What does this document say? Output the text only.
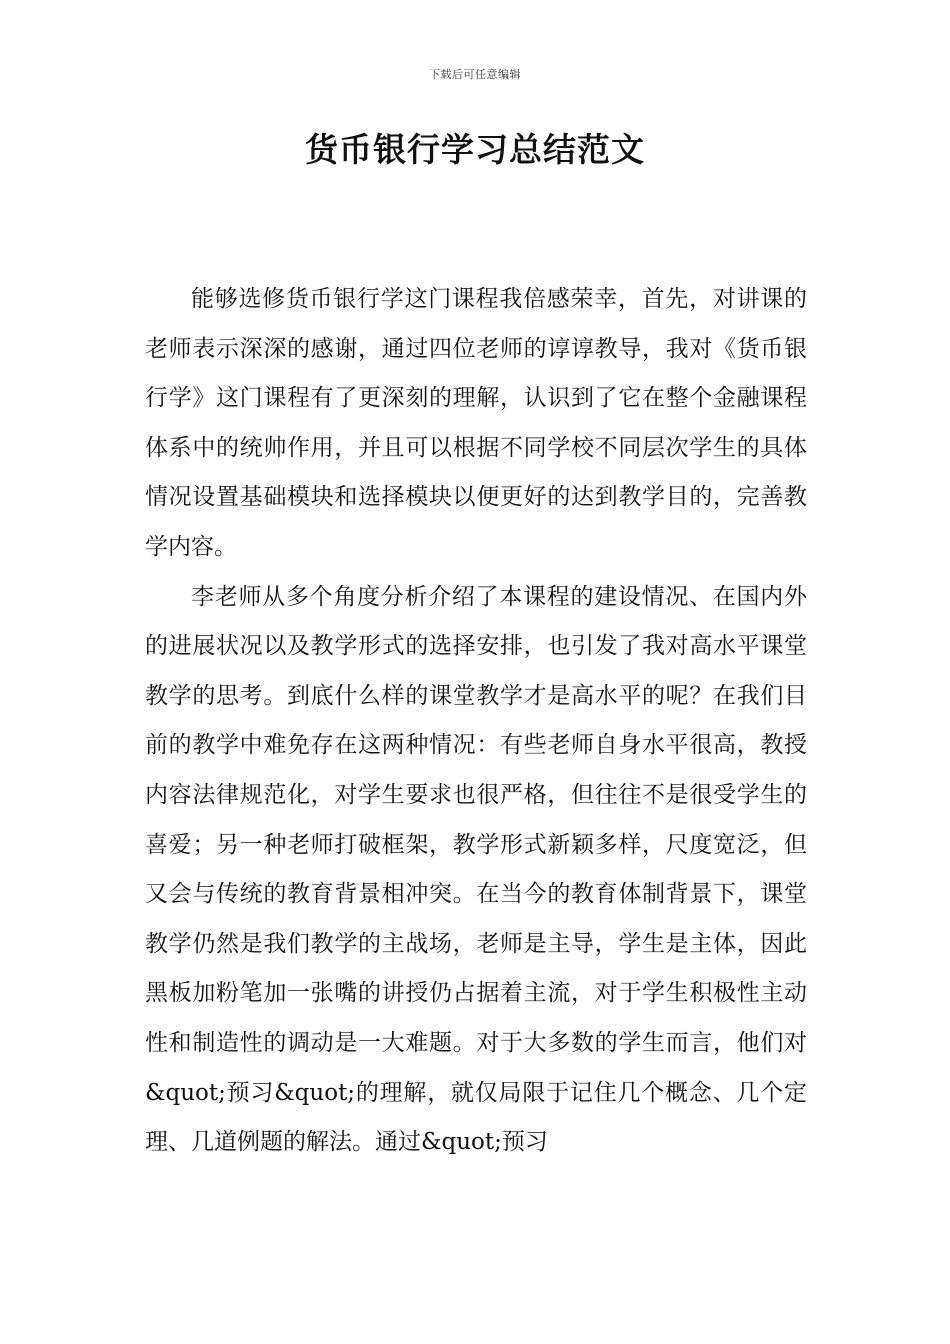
下载后可任意编辑
货币银行学习总结范文

能够选修货币银行学这门课程我倍感荣幸，首先，对讲课的老师表示深深的感谢，通过四位老师的谆谆教导，我对《货币银行学》这门课程有了更深刻的理解，认识到了它在整个金融课程体系中的统帅作用，并且可以根据不同学校不同层次学生的具体情况设置基础模块和选择模块以便更好的达到教学目的，完善教学内容。

李老师从多个角度分析介绍了本课程的建设情况、在国内外的进展状况以及教学形式的选择安排，也引发了我对高水平课堂教学的思考。到底什么样的课堂教学才是高水平的呢？在我们目前的教学中难免存在这两种情况：有些老师自身水平很高，教授内容法律规范化，对学生要求也很严格，但往往不是很受学生的喜爱；另一种老师打破框架，教学形式新颖多样，尺度宽泛，但又会与传统的教育背景相冲突。在当今的教育体制背景下，课堂教学仍然是我们教学的主战场，老师是主导，学生是主体，因此黑板加粉笔加一张嘴的讲授仍占据着主流，对于学生积极性主动性和制造性的调动是一大难题。对于大多数的学生而言，他们对&quot;预习&quot;的理解，就仅局限于记住几个概念、几个定理、几道例题的解法。通过&quot;预习
